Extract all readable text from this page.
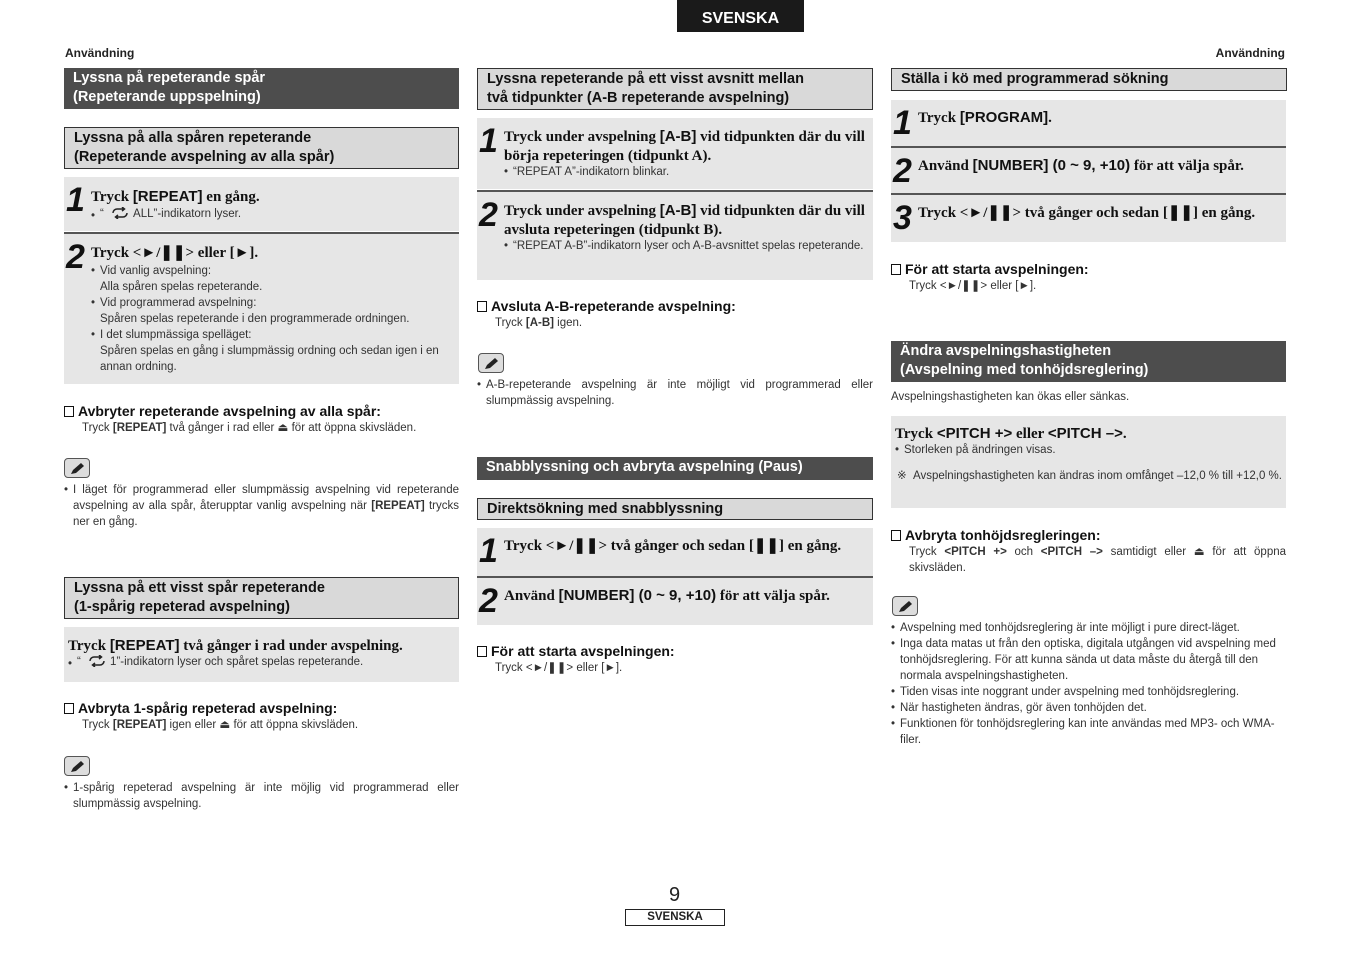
SVENSKA
Användning	Användning
Lyssna på repeterande spår
(Repeterande uppspelning)
Lyssna på alla spåren repeterande
(Repeterande avspelning av alla spår)
1 Tryck [REPEAT] en gång.
• “	ALL”-indikatorn lyser.
2 Tryck <►/❚❚> eller [►].
• Vid vanlig avspelning:
Alla spåren spelas repeterande.
• Vid programmerad avspelning:
Spåren spelas repeterande i den programmerade ordningen.
• I det slumpmässiga spelläget:
Spåren spelas en gång i slumpmässig ordning och sedan igen i en annan ordning.
Avbryter repeterande avspelning av alla spår:
Tryck [REPEAT] två gånger i rad eller ⏏ för att öppna skivsläden.
• I läget för programmerad eller slumpmässig avspelning vid repeterande avspelning av alla spår, återupptar vanlig avspelning när [REPEAT] trycks ner en gång.
Lyssna på ett visst spår repeterande
(1-spårig repeterad avspelning)
Tryck [REPEAT] två gånger i rad under avspelning.
• “	1”-indikatorn lyser och spåret spelas repeterande.
Avbryta 1-spårig repeterad avspelning:
Tryck [REPEAT] igen eller ⏏ för att öppna skivsläden.
• 1-spårig repeterad avspelning är inte möjlig vid programmerad eller slumpmässig avspelning.
Lyssna repeterande på ett visst avsnitt mellan
två tidpunkter (A-B repeterande avspelning)
1 Tryck under avspelning [A-B] vid tidpunkten där du vill börja repeteringen (tidpunkt A).
• “REPEAT A”-indikatorn blinkar.
2 Tryck under avspelning [A-B] vid tidpunkten där du vill avsluta repeteringen (tidpunkt B).
• “REPEAT A-B”-indikatorn lyser och A-B-avsnittet spelas repeterande.
Avsluta A-B-repeterande avspelning:
Tryck [A-B] igen.
• A-B-repeterande avspelning är inte möjligt vid programmerad eller slumpmässig avspelning.
Snabblyssning och avbryta avspelning (Paus)
Direktsökning med snabblyssning
1 Tryck <►/❚❚> två gånger och sedan [❚❚] en gång.
2 Använd [NUMBER] (0 ~ 9, +10) för att välja spår.
För att starta avspelningen:
Tryck <►/❚❚> eller [►].
Ställa i kö med programmerad sökning
1 Tryck [PROGRAM].
2 Använd [NUMBER] (0 ~ 9, +10) för att välja spår.
3 Tryck <►/❚❚> två gånger och sedan [❚❚] en gång.
För att starta avspelningen:
Tryck <►/❚❚> eller [►].
Ändra avspelningshastigheten
(Avspelning med tonhöjdsreglering)
Avspelningshastigheten kan ökas eller sänkas.
Tryck <PITCH +> eller <PITCH –>.
• Storleken på ändringen visas.
※ Avspelningshastigheten kan ändras inom omfånget –12,0 % till +12,0 %.
Avbryta tonhöjdsregleringen:
Tryck <PITCH +> och <PITCH –> samtidigt eller ⏏ för att öppna skivsläden.
• Avspelning med tonhöjdsreglering är inte möjligt i pure direct-läget.
• Inga data matas ut från den optiska, digitala utgången vid avspelning med tonhöjdsreglering. För att kunna sända ut data måste du återgå till den normala avspelningshastigheten.
• Tiden visas inte noggrant under avspelning med tonhöjdsreglering.
• När hastigheten ändras, gör även tonhöjden det.
• Funktionen för tonhöjdsreglering kan inte användas med MP3- och WMA-filer.
9
SVENSKA
